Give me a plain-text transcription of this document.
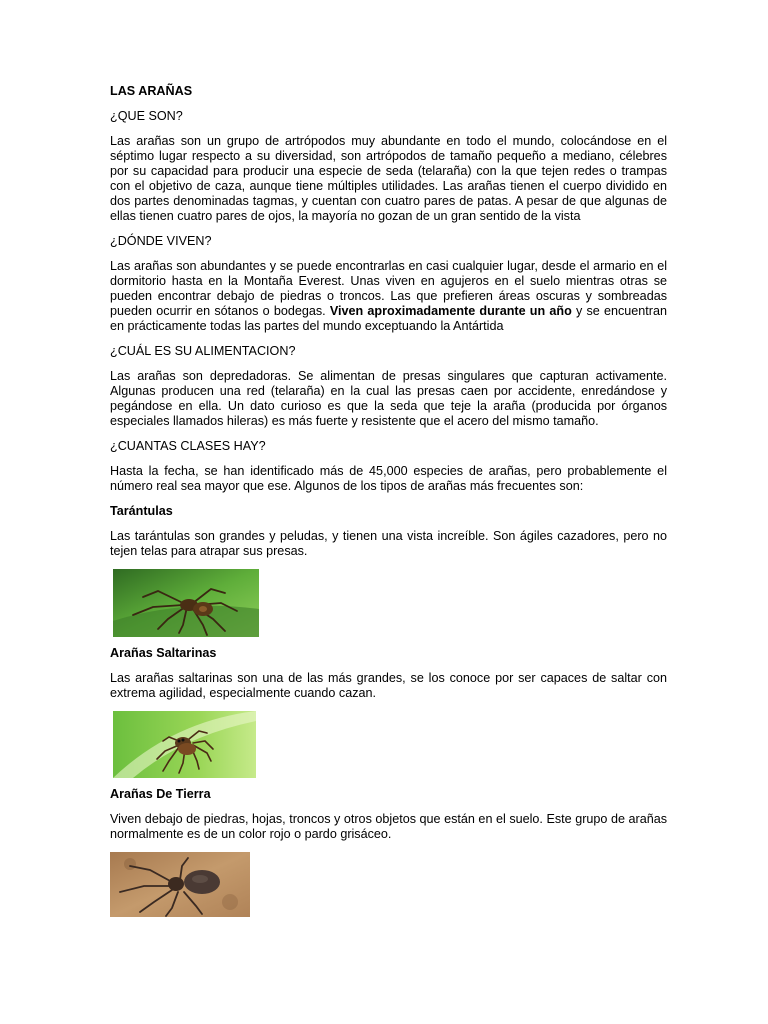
LAS ARAÑAS
¿QUE SON?
Las arañas son un grupo de artrópodos muy abundante en todo el mundo, colocándose en el séptimo lugar respecto a su diversidad, son artrópodos de tamaño pequeño a mediano, célebres por su capacidad para producir una especie de seda (telaraña) con la que tejen redes o trampas con el objetivo de caza, aunque tiene múltiples utilidades. Las arañas tienen el cuerpo dividido en dos partes denominadas tagmas, y cuentan con cuatro pares de patas. A pesar de que algunas de ellas tienen cuatro pares de ojos, la mayoría no gozan de un gran sentido de la vista
¿DÓNDE VIVEN?
Las arañas son abundantes y se puede encontrarlas en casi cualquier lugar, desde el armario en el dormitorio hasta en la Montaña Everest. Unas viven en agujeros en el suelo mientras otras se pueden encontrar debajo de piedras o troncos. Las que prefieren áreas oscuras y sombreadas pueden ocurrir en sótanos o bodegas. Viven aproximadamente durante un año y se encuentran en prácticamente todas las partes del mundo exceptuando la Antártida
¿CUÁL ES SU ALIMENTACION?
Las arañas son depredadoras. Se alimentan de presas singulares que capturan activamente. Algunas producen una red (telaraña) en la cual las presas caen por accidente, enredándose y pegándose en ella. Un dato curioso es que la seda que teje la araña (producida por órganos especiales llamados hileras) es más fuerte y resistente que el acero del mismo tamaño.
¿CUANTAS CLASES HAY?
Hasta la fecha, se han identificado más de 45,000 especies de arañas, pero probablemente el número real sea mayor que ese. Algunos de los tipos de arañas más frecuentes son:
Tarántulas
Las tarántulas son grandes y peludas, y tienen una vista increíble. Son ágiles cazadores, pero no tejen telas para atrapar sus presas.
Arañas Saltarinas
Las arañas saltarinas son una de las más grandes, se los conoce por ser capaces de saltar con extrema agilidad, especialmente cuando cazan.
Arañas De Tierra
Viven debajo de piedras, hojas, troncos y otros objetos que están en el suelo. Este grupo de arañas normalmente es de un color rojo o pardo grisáceo.
